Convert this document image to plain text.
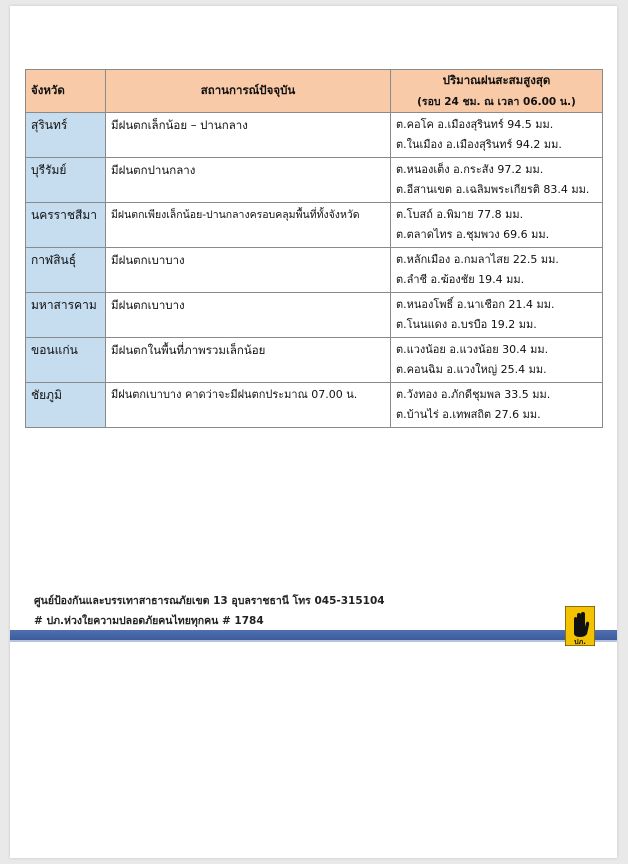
จังหวัด	สถานการณ์ปัจจุบัน	ปริมาณฝนสะสมสูงสุด
(รอบ 24 ชม. ณ เวลา 06.00 น.)

สุรินทร์	มีฝนตกเล็กน้อย – ปานกลาง	ต.คอโค อ.เมืองสุรินทร์ 94.5 มม.
ต.ในเมือง อ.เมืองสุรินทร์ 94.2 มม.

บุรีรัมย์	มีฝนตกปานกลาง	ต.หนองเต็ง อ.กระสัง 97.2 มม.
ต.อีสานเขต อ.เฉลิมพระเกียรติ 83.4 มม.

นครราชสีมา	มีฝนตกเพียงเล็กน้อย-ปานกลางครอบคลุมพื้นที่ทั้งจังหวัด	ต.โบสถ์ อ.พิมาย 77.8 มม.
ต.ตลาดไทร อ.ชุมพวง 69.6 มม.

กาฬสินธุ์	มีฝนตกเบาบาง	ต.หลักเมือง อ.กมลาไสย 22.5 มม.
ต.ลำชี อ.ฆ้องชัย 19.4 มม.

มหาสารคาม	มีฝนตกเบาบาง	ต.หนองโพธิ์ อ.นาเชือก 21.4 มม.
ต.โนนแดง อ.บรบือ 19.2 มม.

ขอนแก่น	มีฝนตกในพื้นที่ภาพรวมเล็กน้อย	ต.แวงน้อย อ.แวงน้อย 30.4 มม.
ต.คอนฉิม อ.แวงใหญ่ 25.4 มม.

ชัยภูมิ	มีฝนตกเบาบาง คาดว่าจะมีฝนตกประมาณ 07.00 น.	ต.วังทอง อ.ภักดีชุมพล 33.5 มม.
ต.บ้านไร่ อ.เทพสถิต 27.6 มม.
ศูนย์ป้องกันและบรรเทาสาธารณภัยเขต 13 อุบลราชธานี โทร 045-315104
# ปภ.ห่วงใยความปลอดภัยคนไทยทุกคน # 1784
ปภ.
